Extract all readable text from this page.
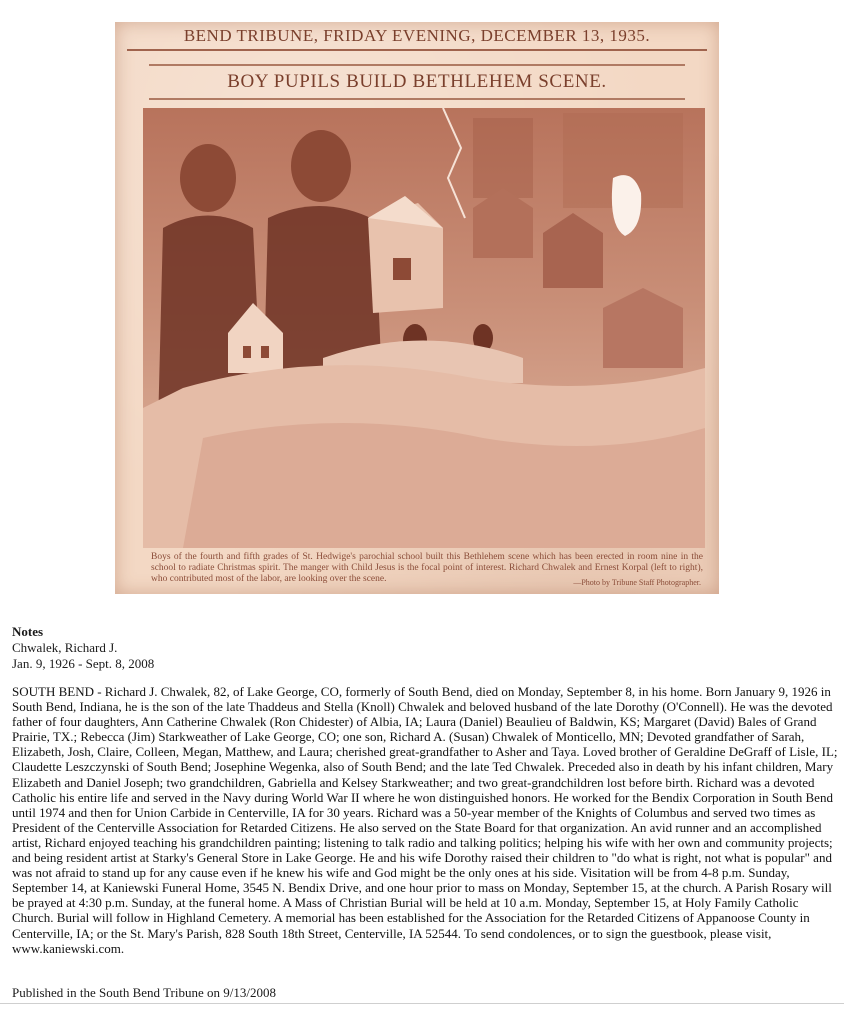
BEND TRIBUNE, FRIDAY EVENING, DECEMBER 13, 1935.
BOY PUPILS BUILD BETHLEHEM SCENE.
Boys of the fourth and fifth grades of St. Hedwige's parochial school built this Bethlehem scene which has been erected in room nine in the school to radiate Christmas spirit. The manger with Child Jesus is the focal point of interest. Richard Chwalek and Ernest Korpal (left to right), who contributed most of the labor, are looking over the scene.	—Photo by Tribune Staff Photographer.
Notes
Chwalek, Richard J.
Jan. 9, 1926 - Sept. 8, 2008

SOUTH BEND - Richard J. Chwalek, 82, of Lake George, CO, formerly of South Bend, died on Monday, September 8, in his home. Born January 9, 1926 in South Bend, Indiana, he is the son of the late Thaddeus and Stella (Knoll) Chwalek and beloved husband of the late Dorothy (O'Connell). He was the devoted father of four daughters, Ann Catherine Chwalek (Ron Chidester) of Albia, IA; Laura (Daniel) Beaulieu of Baldwin, KS; Margaret (David) Bales of Grand Prairie, TX.; Rebecca (Jim) Starkweather of Lake George, CO; one son, Richard A. (Susan) Chwalek of Monticello, MN; Devoted grandfather of Sarah, Elizabeth, Josh, Claire, Colleen, Megan, Matthew, and Laura; cherished great-grandfather to Asher and Taya. Loved brother of Geraldine DeGraff of Lisle, IL; Claudette Leszczynski of South Bend; Josephine Wegenka, also of South Bend; and the late Ted Chwalek. Preceded also in death by his infant children, Mary Elizabeth and Daniel Joseph; two grandchildren, Gabriella and Kelsey Starkweather; and two great-grandchildren lost before birth. Richard was a devoted Catholic his entire life and served in the Navy during World War II where he won distinguished honors. He worked for the Bendix Corporation in South Bend until 1974 and then for Union Carbide in Centerville, IA for 30 years. Richard was a 50-year member of the Knights of Columbus and served two times as President of the Centerville Association for Retarded Citizens. He also served on the State Board for that organization. An avid runner and an accomplished artist, Richard enjoyed teaching his grandchildren painting; listening to talk radio and talking politics; helping his wife with her own and community projects; and being resident artist at Starky's General Store in Lake George. He and his wife Dorothy raised their children to "do what is right, not what is popular" and was not afraid to stand up for any cause even if he knew his wife and God might be the only ones at his side. Visitation will be from 4-8 p.m. Sunday, September 14, at Kaniewski Funeral Home, 3545 N. Bendix Drive, and one hour prior to mass on Monday, September 15, at the church. A Parish Rosary will be prayed at 4:30 p.m. Sunday, at the funeral home. A Mass of Christian Burial will be held at 10 a.m. Monday, September 15, at Holy Family Catholic Church. Burial will follow in Highland Cemetery. A memorial has been established for the Association for the Retarded Citizens of Appanoose County in Centerville, IA; or the St. Mary's Parish, 828 South 18th Street, Centerville, IA 52544. To send condolences, or to sign the guestbook, please visit, www.kaniewski.com.

Published in the South Bend Tribune on 9/13/2008
